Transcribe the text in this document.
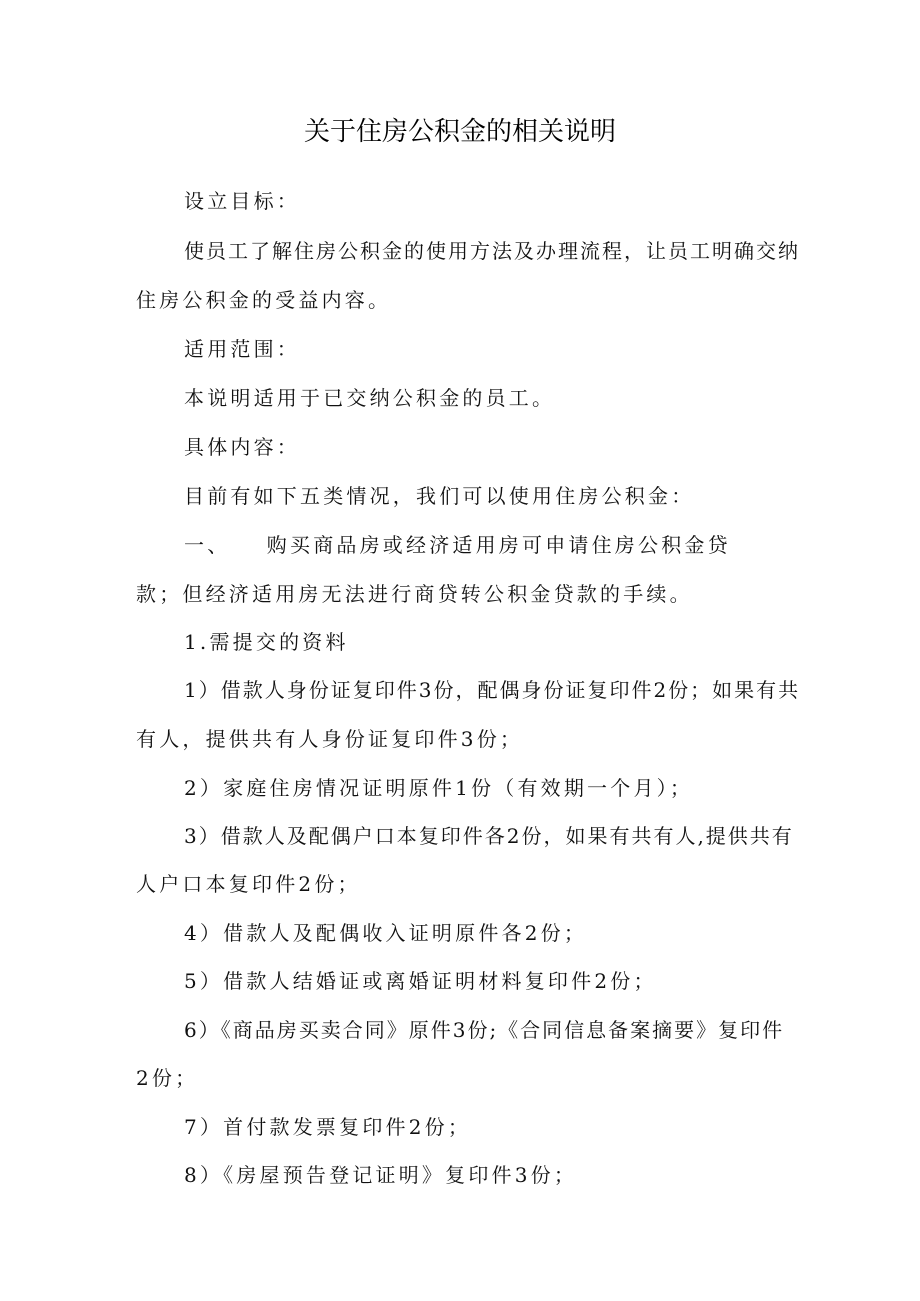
关于住房公积金的相关说明
设立目标：
使员工了解住房公积金的使用方法及办理流程，让员工明确交纳
住房公积金的受益内容。
适用范围：
本说明适用于已交纳公积金的员工。
具体内容：
目前有如下五类情况，我们可以使用住房公积金：
一、　　购买商品房或经济适用房可申请住房公积金贷
款；但经济适用房无法进行商贷转公积金贷款的手续。
1.需提交的资料
1）借款人身份证复印件3份，配偶身份证复印件2份；如果有共
有人，提供共有人身份证复印件3份；
2）家庭住房情况证明原件1份（有效期一个月）；
3）借款人及配偶户口本复印件各2份，如果有共有人,提供共有
人户口本复印件2份；
4）借款人及配偶收入证明原件各2份；
5）借款人结婚证或离婚证明材料复印件2份；
6）《商品房买卖合同》原件3份;《合同信息备案摘要》复印件
2份；
7）首付款发票复印件2份；
8）《房屋预告登记证明》复印件3份；
